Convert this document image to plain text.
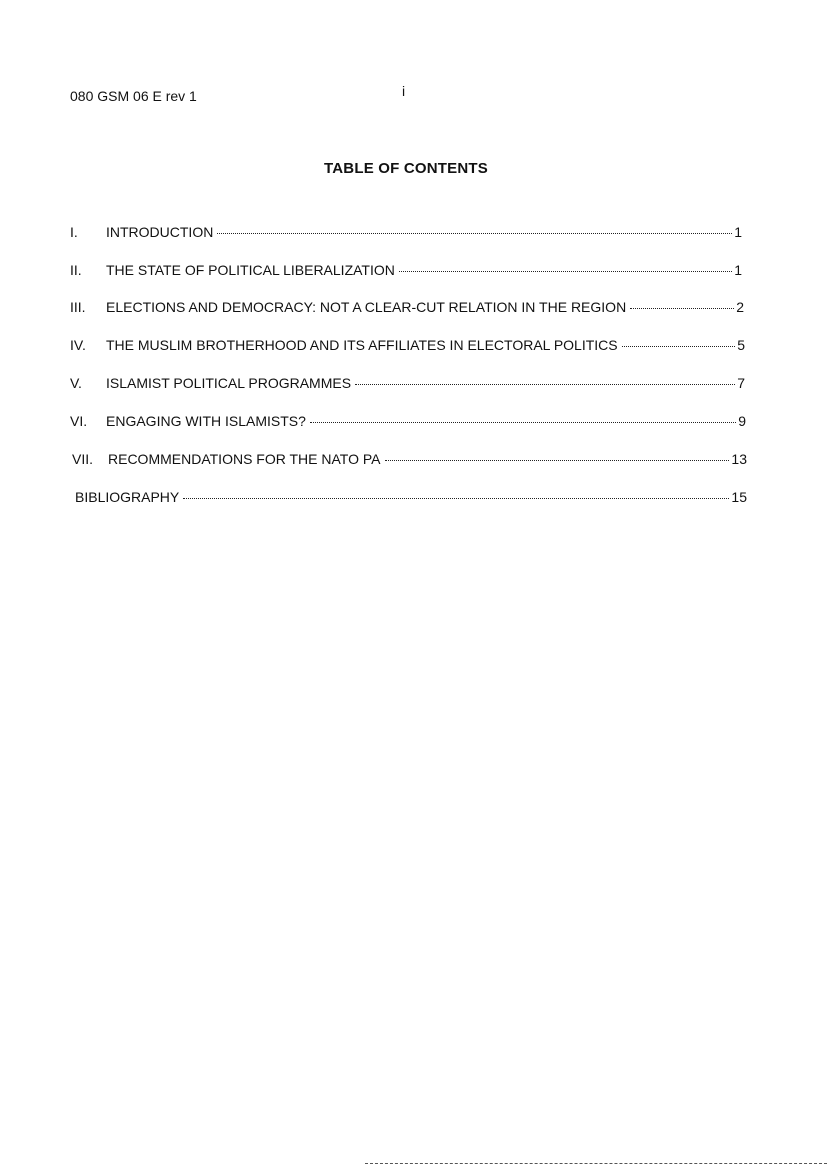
080 GSM 06 E rev 1	i
TABLE OF CONTENTS
I.	INTRODUCTION	1
II.	THE STATE OF POLITICAL LIBERALIZATION	1
III.	ELECTIONS AND DEMOCRACY: NOT A CLEAR-CUT RELATION IN THE REGION	2
IV.	THE MUSLIM BROTHERHOOD AND ITS AFFILIATES IN ELECTORAL POLITICS	5
V.	ISLAMIST POLITICAL PROGRAMMES	7
VI.	ENGAGING WITH ISLAMISTS?	9
VII.	RECOMMENDATIONS FOR THE NATO PA	13
BIBLIOGRAPHY	15
